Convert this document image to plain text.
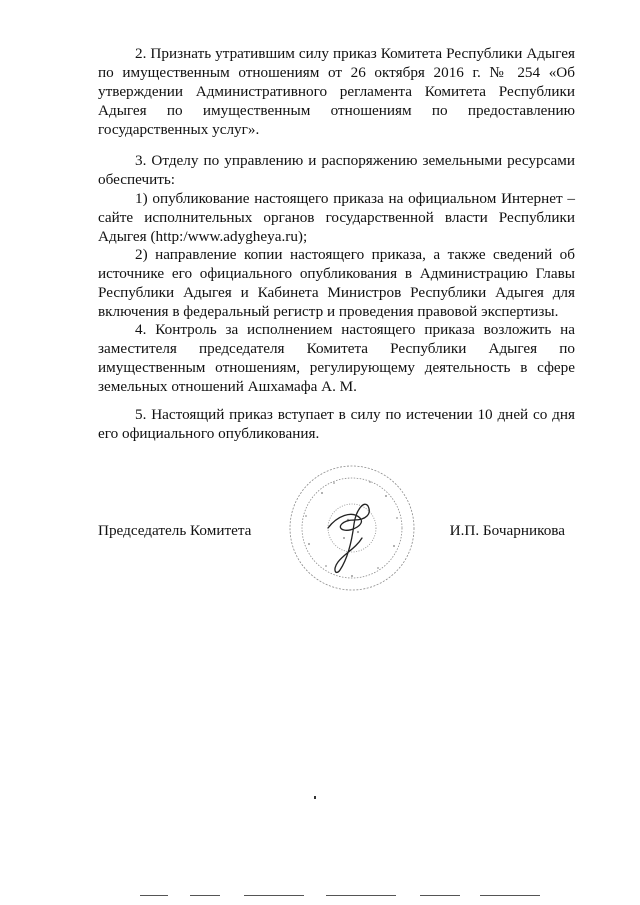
2. Признать утратившим силу приказ Комитета Республики Адыгея по имущественным отношениям от 26 октября 2016 г. № 254 «Об утверждении Административного регламента Комитета Республики Адыгея по имущественным отношениям по предоставлению государственных услуг».

3. Отделу по управлению и распоряжению земельными ресурсами обеспечить:

1) опубликование настоящего приказа на официальном Интернет – сайте исполнительных органов государственной власти Республики Адыгея (http:/www.adygheya.ru);

2) направление копии настоящего приказа, а также сведений об источнике его официального опубликования в Администрацию Главы Республики Адыгея и Кабинета Министров Республики Адыгея для включения в федеральный регистр и проведения правовой экспертизы.

4. Контроль за исполнением настоящего приказа возложить на заместителя председателя Комитета Республики Адыгея по имущественным отношениям, регулирующему деятельность в сфере земельных отношений Ашхамафа А. М.

5. Настоящий приказ вступает в силу по истечении 10 дней со дня его официального опубликования.

Председатель Комитета	И.П. Бочарникова
